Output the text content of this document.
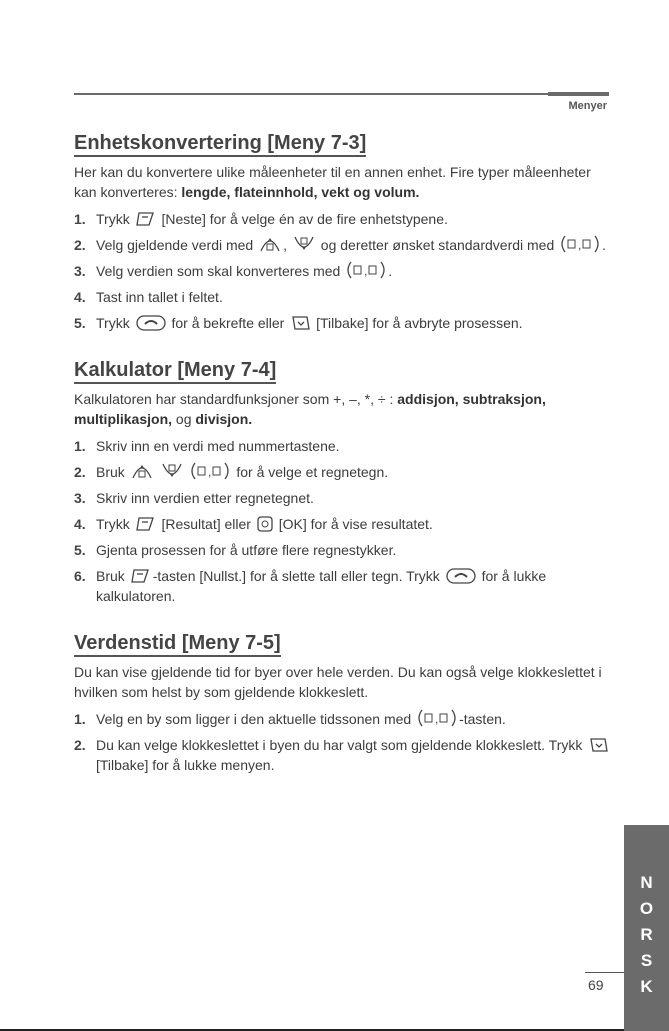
Menyer
Enhetskonvertering [Meny 7-3]

Her kan du konvertere ulike måleenheter til en annen enhet. Fire typer måleenheter kan konverteres: lengde, flateinnhold, vekt og volum.

1. Trykk [Neste] for å velge én av de fire enhetstypene.
2. Velg gjeldende verdi med , og deretter ønsket standardverdi med , .
3. Velg verdien som skal konverteres med , .
4. Tast inn tallet i feltet.
5. Trykk	for å bekrefte eller [Tilbake] for å avbryte prosessen.
Kalkulator [Meny 7-4]

Kalkulatoren har standardfunksjoner som +, –, *, ÷ : addisjon, subtraksjon, multiplikasjon, og divisjon.

1. Skriv inn en verdi med nummertastene.
2. Bruk

	, for å velge et regnetegn.
3. Skriv inn verdien etter regnetegnet.
4. Trykk [Resultat] eller [OK] for å vise resultatet.
5. Gjenta prosessen for å utføre flere regnestykker.
6. Bruk -tasten [Nullst.] for å slette tall eller tegn. Trykk	for å lukke kalkulatoren.
Verdenstid [Meny 7-5]

Du kan vise gjeldende tid for byer over hele verden. Du kan også velge klokkeslettet i hvilken som helst by som gjeldende klokkeslett.

1. Velg en by som ligger i den aktuelle tidssonen med , -tasten.
2. Du kan velge klokkeslettet i byen du har valgt som gjeldende klokkeslett. Trykk
[Tilbake] for å lukke menyen.
N
O
R
S
K
69
